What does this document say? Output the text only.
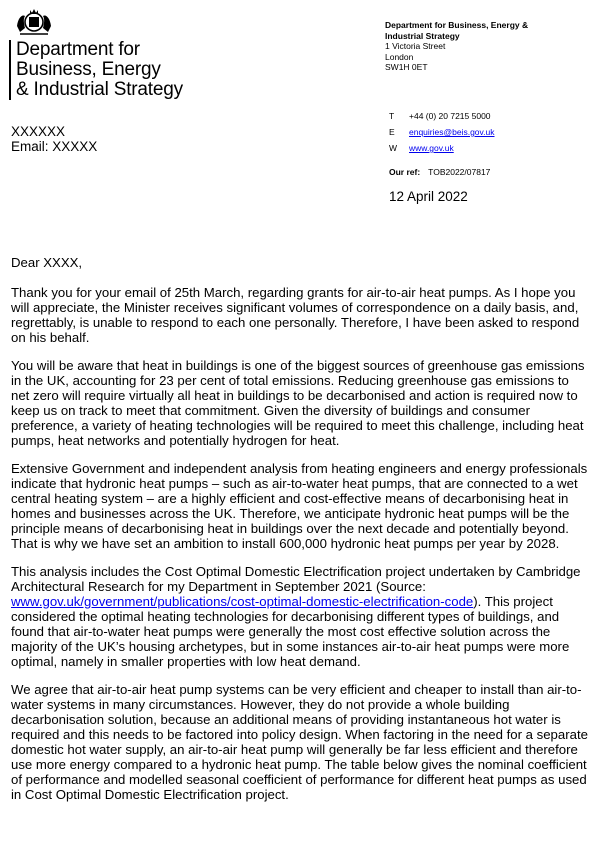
Department for
Business, Energy
& Industrial Strategy
Department for Business, Energy &
Industrial Strategy
1 Victoria Street
London
SW1H 0ET
XXXXXX
Email: XXXXX
T +44 (0) 20 7215 5000
E enquiries@beis.gov.uk
W www.gov.uk
Our ref: TOB2022/07817
12 April 2022

Dear XXXX,

Thank you for your email of 25th March, regarding grants for air-to-air heat pumps. As I hope you will appreciate, the Minister receives significant volumes of correspondence on a daily basis, and, regrettably, is unable to respond to each one personally. Therefore, I have been asked to respond on his behalf.

You will be aware that heat in buildings is one of the biggest sources of greenhouse gas emissions in the UK, accounting for 23 per cent of total emissions. Reducing greenhouse gas emissions to net zero will require virtually all heat in buildings to be decarbonised and action is required now to keep us on track to meet that commitment. Given the diversity of buildings and consumer preference, a variety of heating technologies will be required to meet this challenge, including heat pumps, heat networks and potentially hydrogen for heat.

Extensive Government and independent analysis from heating engineers and energy professionals indicate that hydronic heat pumps – such as air-to-water heat pumps, that are connected to a wet central heating system – are a highly efficient and cost-effective means of decarbonising heat in homes and businesses across the UK. Therefore, we anticipate hydronic heat pumps will be the principle means of decarbonising heat in buildings over the next decade and potentially beyond. That is why we have set an ambition to install 600,000 hydronic heat pumps per year by 2028.

This analysis includes the Cost Optimal Domestic Electrification project undertaken by Cambridge Architectural Research for my Department in September 2021 (Source: www.gov.uk/government/publications/cost-optimal-domestic-electrification-code). This project considered the optimal heating technologies for decarbonising different types of buildings, and found that air-to-water heat pumps were generally the most cost effective solution across the majority of the UK’s housing archetypes, but in some instances air-to-air heat pumps were more optimal, namely in smaller properties with low heat demand.

We agree that air-to-air heat pump systems can be very efficient and cheaper to install than air-to-water systems in many circumstances. However, they do not provide a whole building decarbonisation solution, because an additional means of providing instantaneous hot water is required and this needs to be factored into policy design. When factoring in the need for a separate domestic hot water supply, an air-to-air heat pump will generally be far less efficient and therefore use more energy compared to a hydronic heat pump. The table below gives the nominal coefficient of performance and modelled seasonal coefficient of performance for different heat pumps as used in Cost Optimal Domestic Electrification project.
